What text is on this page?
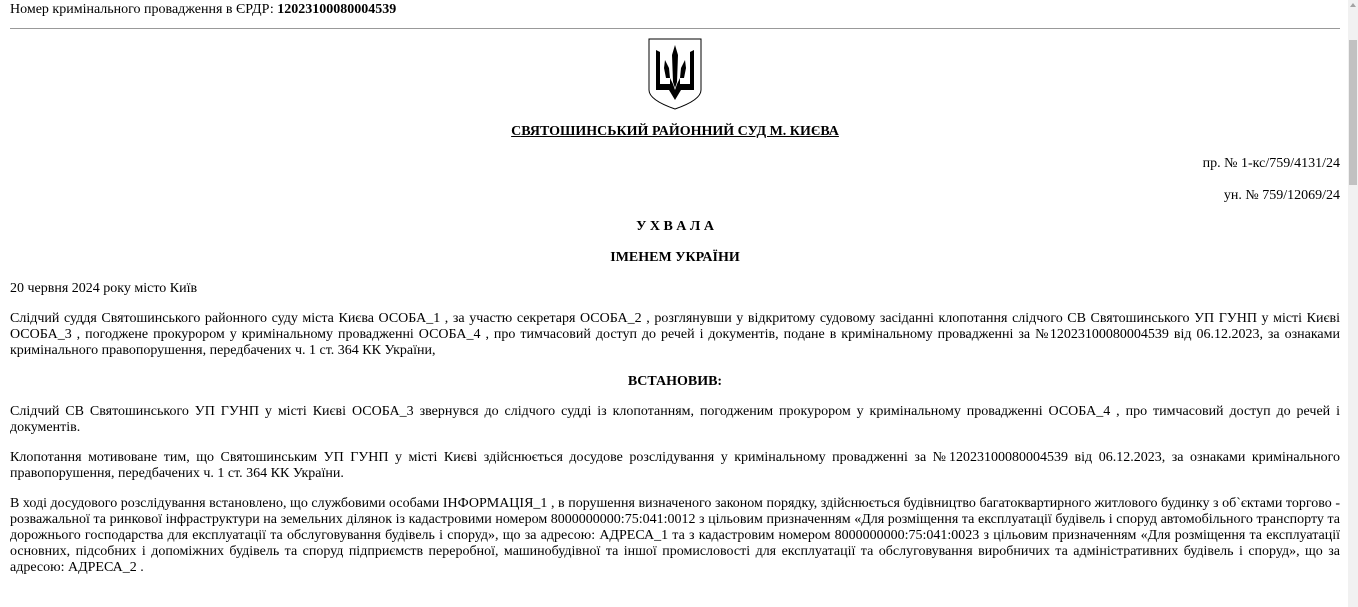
Номер кримінального провадження в ЄРДР: 12023100080004539
СВЯТОШИНСЬКИЙ РАЙОННИЙ СУД М. КИЄВА
пр. № 1-кс/759/4131/24
ун. № 759/12069/24
У Х В А Л А
ІМЕНЕМ УКРАЇНИ

20 червня 2024 року місто Київ

Слідчий суддя Святошинського районного суду міста Києва ОСОБА_1 , за участю секретаря ОСОБА_2 , розглянувши у відкритому судовому засіданні клопотання слідчого СВ Святошинського УП ГУНП у місті Києві ОСОБА_3 , погоджене прокурором у кримінальному провадженні ОСОБА_4 , про тимчасовий доступ до речей і документів, подане в кримінальному провадженні за №12023100080004539 від 06.12.2023, за ознаками кримінального правопорушення, передбачених ч. 1 ст. 364 КК України,

ВСТАНОВИВ:

Слідчий СВ Святошинського УП ГУНП у місті Києві ОСОБА_3 звернувся до слідчого судді із клопотанням, погодженим прокурором у кримінальному провадженні ОСОБА_4 , про тимчасовий доступ до речей і документів.

Клопотання мотивоване тим, що Святошинським УП ГУНП у місті Києві здійснюється досудове розслідування у кримінальному провадженні за №12023100080004539 від 06.12.2023, за ознаками кримінального правопорушення, передбачених ч. 1 ст. 364 КК України.

В ході досудового розслідування встановлено, що службовими особами ІНФОРМАЦІЯ_1 , в порушення визначеного законом порядку, здійснюється будівництво багатоквартирного житлового будинку з об`єктами торгово - розважальної та ринкової інфраструктури на земельних ділянок із кадастровими номером 8000000000:75:041:0012 з цільовим призначенням «Для розміщення та експлуатації будівель і споруд автомобільного транспорту та дорожнього господарства для експлуатації та обслуговування будівель і споруд», що за адресою: АДРЕСА_1 та з кадастровим номером 8000000000:75:041:0023 з цільовим призначенням «Для розміщення та експлуатації основних, підсобних і допоміжних будівель та споруд підприємств переробної, машинобудівної та іншої промисловості для експлуатації та обслуговування виробничих та адміністративних будівель і споруд», що за адресою: АДРЕСА_2 .
